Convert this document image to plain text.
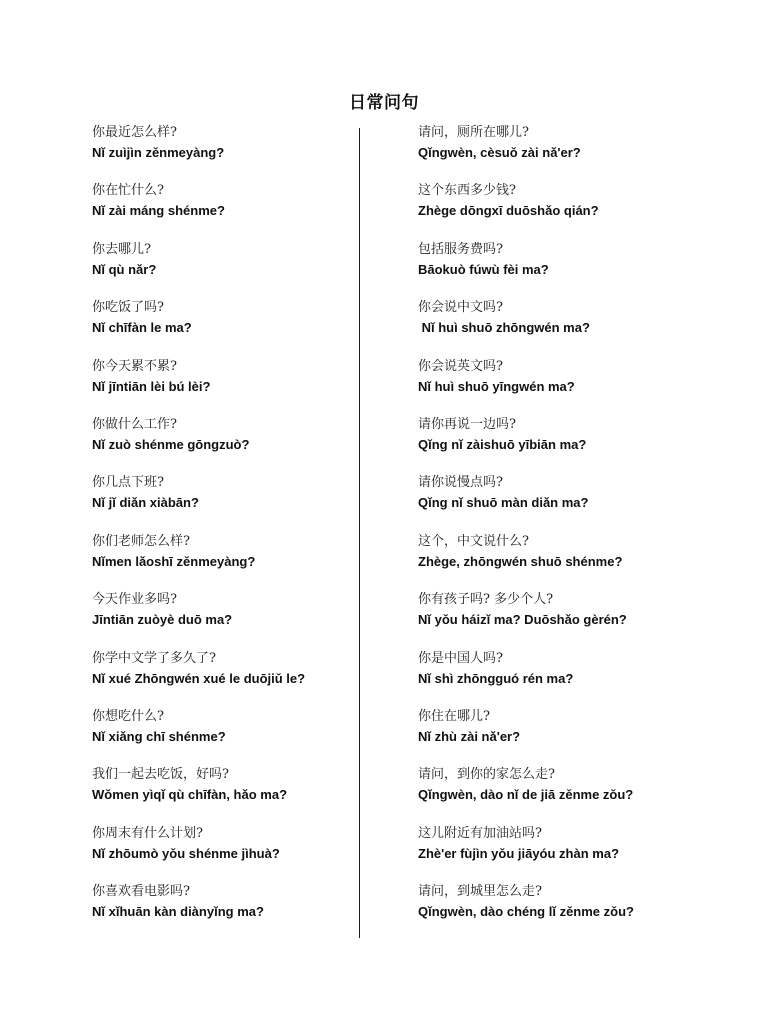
日常问句
你最近怎么样?
Nǐ zuìjìn zěnmeyàng?
你在忙什么?
Nǐ zài máng shénme?
你去哪儿?
Nǐ qù nǎr?
你吃饭了吗?
Nǐ chīfàn le ma?
你今天累不累?
Nǐ jīntiān lèi bú lèi?
你做什么工作?
Nǐ zuò shénme gōngzuò?
你几点下班?
Nǐ jǐ diǎn xiàbān?
你们老师怎么样?
Nǐmen lǎoshī zěnmeyàng?
今天作业多吗?
Jīntiān zuòyè duō ma?
你学中文学了多久了?
Nǐ xué Zhōngwén xué le duōjiǔ le?
你想吃什么?
Nǐ xiǎng chī shénme?
我们一起去吃饭，好吗?
Wǒmen yìqǐ qù chīfàn, hǎo ma?
你周末有什么计划?
Nǐ zhōumò yǒu shénme jìhuà?
你喜欢看电影吗?
Nǐ xǐhuān kàn diànyǐng ma?
请问，厕所在哪儿?
Qǐngwèn, cèsuǒ zài nǎ'er?
这个东西多少钱?
Zhège dōngxī duōshǎo qián?
包括服务费吗?
Bāokuò fúwù fèi ma?
你会说中文吗?
Nǐ huì shuō zhōngwén ma?
你会说英文吗?
Nǐ huì shuō yīngwén ma?
请你再说一边吗?
Qǐng nǐ zàishuō yībiān ma?
请你说慢点吗?
Qǐng nǐ shuō màn diǎn ma?
这个，中文说什么?
Zhège, zhōngwén shuō shénme?
你有孩子吗? 多少个人?
Nǐ yǒu háizǐ ma? Duōshǎo gèrén?
你是中国人吗?
Nǐ shì zhōngguó rén ma?
你住在哪儿?
Nǐ zhù zài nǎ'er?
请问，到你的家怎么走?
Qǐngwèn, dào nǐ de jiā zěnme zǒu?
这儿附近有加油站吗?
Zhè'er fùjìn yǒu jiāyóu zhàn ma?
请问，到城里怎么走?
Qǐngwèn, dào chéng lǐ zěnme zǒu?
